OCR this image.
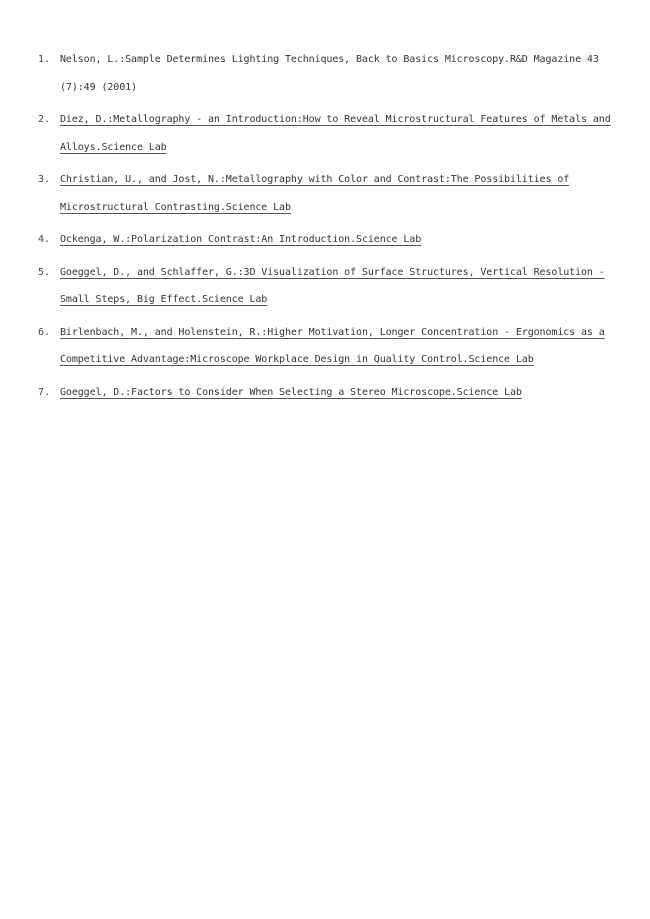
1. Nelson, L.:Sample Determines Lighting Techniques, Back to Basics Microscopy.R&D Magazine 43 (7):49 (2001)
2. Diez, D.:Metallography - an Introduction:How to Reveal Microstructural Features of Metals and Alloys.Science Lab
3. Christian, U., and Jost, N.:Metallography with Color and Contrast:The Possibilities of Microstructural Contrasting.Science Lab
4. Ockenga, W.:Polarization Contrast:An Introduction.Science Lab
5. Goeggel, D., and Schlaffer, G.:3D Visualization of Surface Structures, Vertical Resolution - Small Steps, Big Effect.Science Lab
6. Birlenbach, M., and Holenstein, R.:Higher Motivation, Longer Concentration - Ergonomics as a Competitive Advantage:Microscope Workplace Design in Quality Control.Science Lab
7. Goeggel, D.:Factors to Consider When Selecting a Stereo Microscope.Science Lab
